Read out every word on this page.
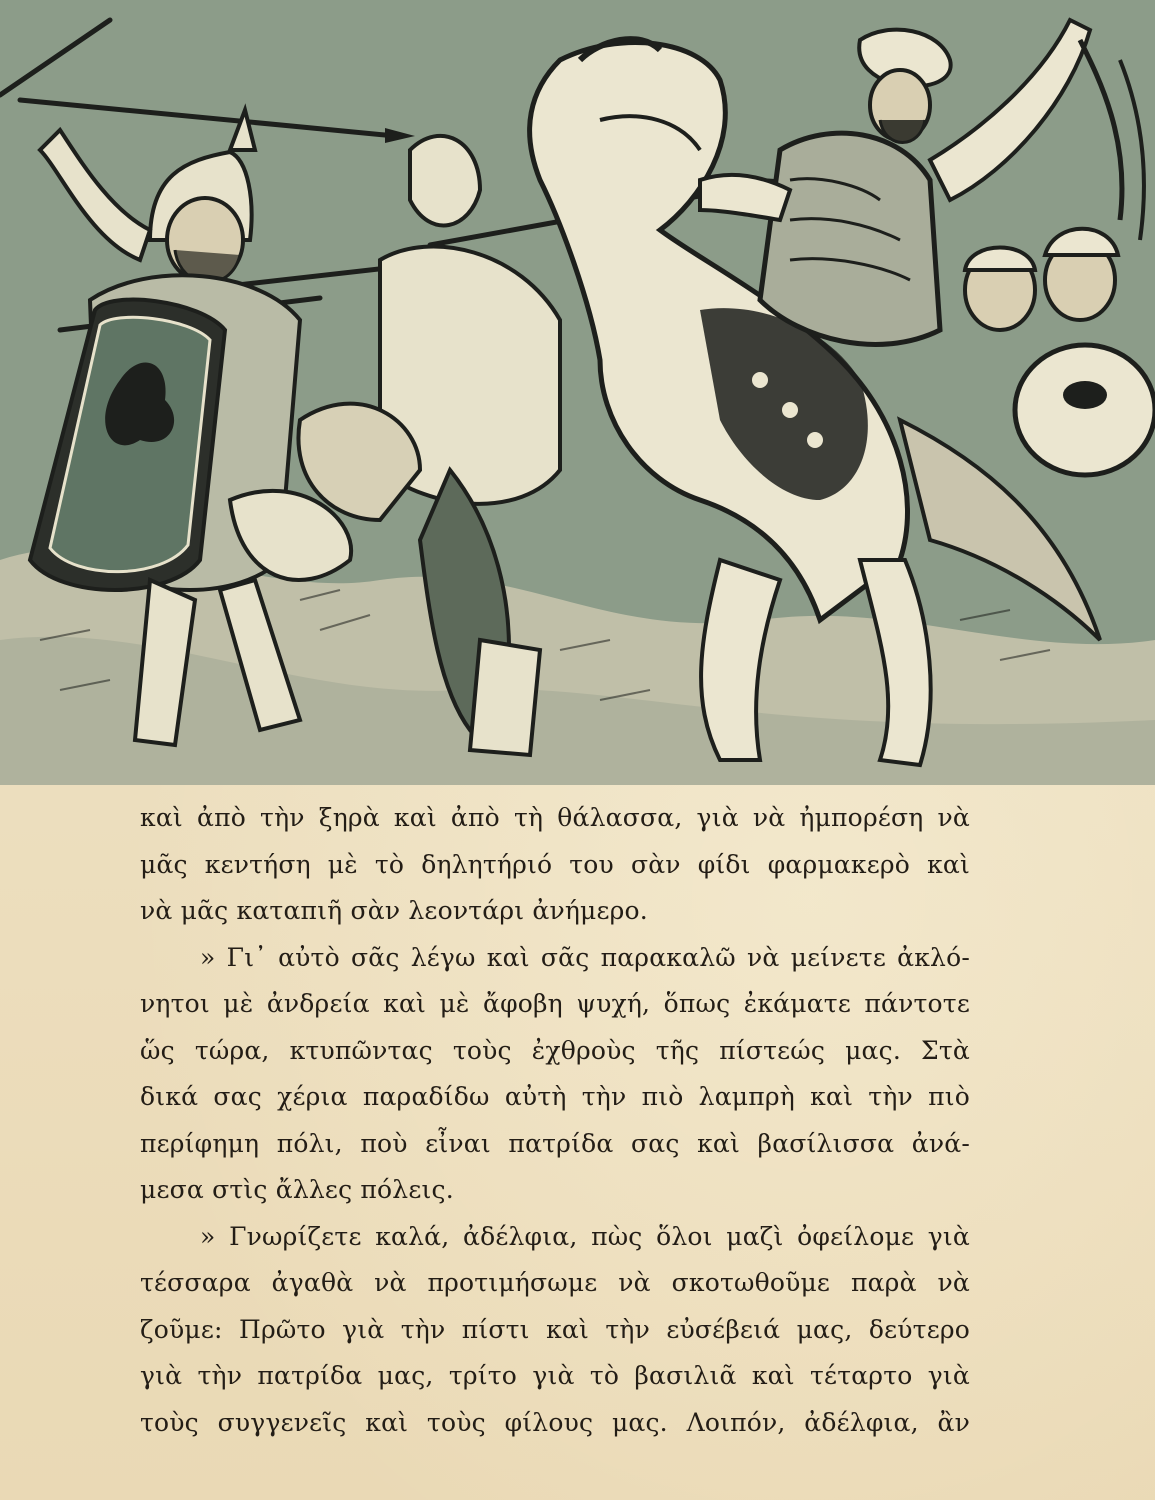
καὶ ἀπὸ τὴν ξηρὰ καὶ ἀπὸ τὴ θάλασσα, γιὰ νὰ ἠμπορέση νὰ
μᾶς κεντήση μὲ τὸ δηλητήριό του σὰν φίδι φαρμακερὸ καὶ
νὰ μᾶς καταπιῆ σὰν λεοντάρι ἀνήμερο.
» Γι᾽ αὐτὸ σᾶς λέγω καὶ σᾶς παρακαλῶ νὰ μείνετε ἀκλό-
νητοι μὲ ἀνδρεία καὶ μὲ ἄφοβη ψυχή, ὅπως ἐκάματε πάντοτε
ὥς τώρα, κτυπῶντας τοὺς ἐχθροὺς τῆς πίστεώς μας. Στὰ
δικά σας χέρια παραδίδω αὐτὴ τὴν πιὸ λαμπρὴ καὶ τὴν πιὸ
περίφημη πόλι, ποὺ εἶναι πατρίδα σας καὶ βασίλισσα ἀνά-
μεσα στὶς ἄλλες πόλεις.
» Γνωρίζετε καλά, ἀδέλφια, πὼς ὅλοι μαζὶ ὀφείλομε γιὰ
τέσσαρα ἀγαθὰ νὰ προτιμήσωμε νὰ σκοτωθοῦμε παρὰ νὰ
ζοῦμε: Πρῶτο γιὰ τὴν πίστι καὶ τὴν εὐσέβειά μας, δεύτερο
γιὰ τὴν πατρίδα μας, τρίτο γιὰ τὸ βασιλιᾶ καὶ τέταρτο γιὰ
τοὺς συγγενεῖς καὶ τοὺς φίλους μας. Λοιπόν, ἀδέλφια, ἂν
